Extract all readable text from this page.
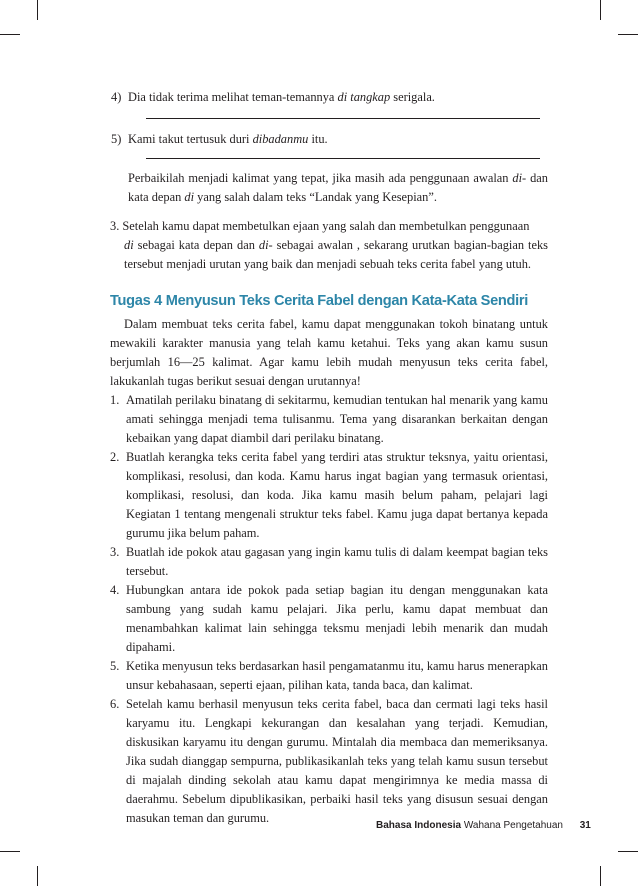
4) Dia tidak terima melihat teman-temannya di tangkap serigala.
5) Kami takut tertusuk duri dibadanmu itu.
Perbaikilah menjadi kalimat yang tepat, jika masih ada penggunaan awalan di- dan kata depan di yang salah dalam teks “Landak yang Kesepian”.
3. Setelah kamu dapat membetulkan ejaan yang salah dan membetulkan penggunaan
di sebagai kata depan dan di- sebagai awalan , sekarang urutkan bagian-bagian teks tersebut menjadi urutan yang baik dan menjadi sebuah teks cerita fabel yang utuh.
Tugas 4 Menyusun Teks Cerita Fabel dengan Kata-Kata Sendiri
Dalam membuat teks cerita fabel, kamu dapat menggunakan tokoh binatang untuk mewakili karakter manusia yang telah kamu ketahui. Teks yang akan kamu susun berjumlah 16—25 kalimat. Agar kamu lebih mudah menyusun teks cerita fabel, lakukanlah tugas berikut sesuai dengan urutannya!
1. Amatilah perilaku binatang di sekitarmu, kemudian tentukan hal menarik yang kamu amati sehingga menjadi tema tulisanmu. Tema yang disarankan berkaitan dengan kebaikan yang dapat diambil dari perilaku binatang.
2. Buatlah kerangka teks cerita fabel yang terdiri atas struktur teksnya, yaitu orientasi, komplikasi, resolusi, dan koda. Kamu harus ingat bagian yang termasuk orientasi, komplikasi, resolusi, dan koda. Jika kamu masih belum paham, pelajari lagi Kegiatan 1 tentang mengenali struktur teks fabel. Kamu juga dapat bertanya kepada gurumu jika belum paham.
3. Buatlah ide pokok atau gagasan yang ingin kamu tulis di dalam keempat bagian teks tersebut.
4. Hubungkan antara ide pokok pada setiap bagian itu dengan menggunakan kata sambung yang sudah kamu pelajari. Jika perlu, kamu dapat membuat dan menambahkan kalimat lain sehingga teksmu menjadi lebih menarik dan mudah dipahami.
5. Ketika menyusun teks berdasarkan hasil pengamatanmu itu, kamu harus menerapkan unsur kebahasaan, seperti ejaan, pilihan kata, tanda baca, dan kalimat.
6. Setelah kamu berhasil menyusun teks cerita fabel, baca dan cermati lagi teks hasil karyamu itu. Lengkapi kekurangan dan kesalahan yang terjadi. Kemudian, diskusikan karyamu itu dengan gurumu. Mintalah dia membaca dan memeriksanya. Jika sudah dianggap sempurna, publikasikanlah teks yang telah kamu susun tersebut di majalah dinding sekolah atau kamu dapat mengirimnya ke media massa di daerahmu. Sebelum dipublikasikan, perbaiki hasil teks yang disusun sesuai dengan masukan teman dan gurumu.
Bahasa Indonesia Wahana Pengetahuan 31
